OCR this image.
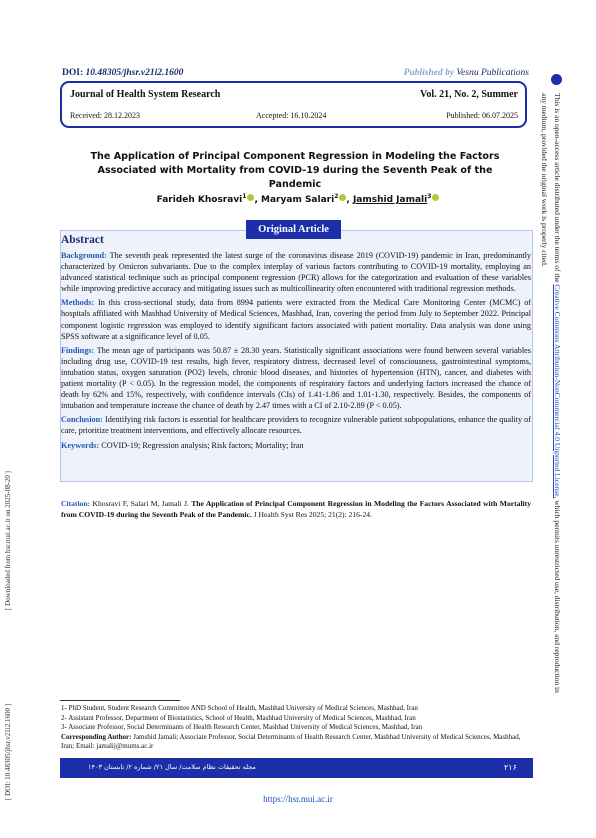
DOI: 10.48305/jhsr.v21i2.1600	Published by Vesnu Publications
Journal of Health System Research	Vol. 21, No. 2, Summer
Received: 28.12.2023	Accepted: 16.10.2024	Published: 06.07.2025
The Application of Principal Component Regression in Modeling the Factors Associated with Mortality from COVID-19 during the Seventh Peak of the Pandemic
Farideh Khosravi$^1$ , Maryam Salari$^2$ , Jamshid Jamali$^3$
Original Article
Abstract

Background: The seventh peak represented the latest surge of the coronavirus disease 2019 (COVID-19) pandemic in Iran, predominantly characterized by Omicron subvariants. Due to the complex interplay of various factors contributing to COVID-19 mortality, employing an advanced statistical technique such as principal component regression (PCR) allows for the categorization and evaluation of these variables while improving predictive accuracy and mitigating issues such as multicollinearity often encountered with traditional regression methods.

Methods: In this cross-sectional study, data from 8994 patients were extracted from the Medical Care Monitoring Center (MCMC) of hospitals affiliated with Mashhad University of Medical Sciences, Mashhad, Iran, covering the period from July to September 2022. Principal component logistic regression was employed to identify significant factors associated with patient mortality. Data analysis was done using SPSS software at a significance level of 0.05.

Findings: The mean age of participants was 50.87 ± 28.30 years. Statistically significant associations were found between several variables including drug use, COVID-19 test results, high fever, respiratory distress, decreased level of consciousness, gastrointestinal symptoms, intubation status, oxygen saturation (PO2) levels, chronic blood diseases, and histories of hypertension (HTN), cancer, and diabetes with patient mortality (P < 0.05). In the regression model, the components of respiratory factors and underlying factors increased the chance of death by 62% and 15%, respectively, with confidence intervals (CIs) of 1.41-1.86 and 1.01-1.30, respectively. Besides, the components of intubation and temperature increase the chance of death by 2.47 times with a CI of 2.10-2.89 (P < 0.05).

Conclusion: Identifying risk factors is essential for healthcare providers to recognize vulnerable patient subpopulations, enhance the quality of care, prioritize treatment interventions, and effectively allocate resources.

Keywords: COVID-19; Regression analysis; Risk factors; Mortality; Iran

Citation: Khosravi F, Salari M, Jamali J. The Application of Principal Component Regression in Modeling the Factors Associated with Mortality from COVID-19 during the Seventh Peak of the Pandemic. J Health Syst Res 2025; 21(2): 216-24.
1- PhD Student, Student Research Committee AND School of Health, Mashhad University of Medical Sciences, Mashhad, Iran
2- Assistant Professor, Department of Biostatistics, School of Health, Mashhad University of Medical Sciences, Mashhad, Iran
3- Associate Professor, Social Determinants of Health Research Center, Mashhad University of Medical Sciences, Mashhad, Iran
Corresponding Author: Jamshid Jamali; Associate Professor, Social Determinants of Health Research Center, Mashhad University of Medical Sciences, Mashhad, Iran; Email: jamalij@mums.ac.ir
مجله تحقیقات نظام سلامت/ سال ۲۱/ شماره ۲/ تابستان ۱۴۰۳	۲۱۶
https://hsr.mui.ac.ir
[ Downloaded from hsr.mui.ac.ir on 2025-08-20 ]
[ DOI: 10.48305/jhsr.v21i2.1600 ]
This is an open-access article distributed under the terms of the Creative Commons Attribution-NonCommercial 4.0 Unported License, which permits unrestricted use, distribution, and reproduction in
any medium, provided the original work is properly cited.
